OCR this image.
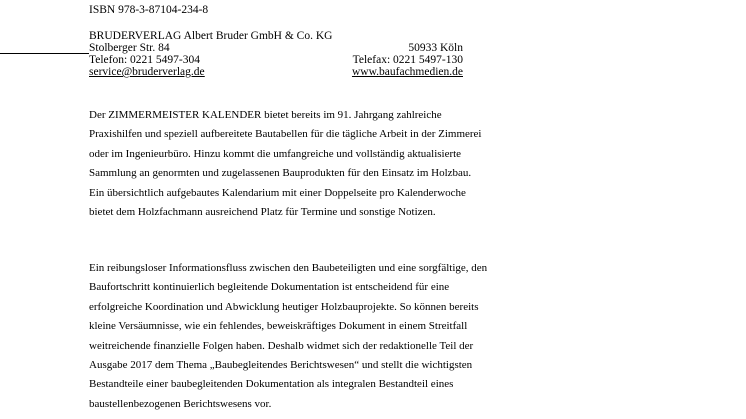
ISBN 978-3-87104-234-8
BRUDERVERLAG Albert Bruder GmbH & Co. KG
Stolberger Str. 84	50933 Köln
Telefon: 0221 5497-304	Telefax: 0221 5497-130
service@bruderverlag.de	www.baufachmedien.de
Der ZIMMERMEISTER KALENDER bietet bereits im 91. Jahrgang zahlreiche
Praxishilfen und speziell aufbereitete Bautabellen für die tägliche Arbeit in der Zimmerei
oder im Ingenieurbüro. Hinzu kommt die umfangreiche und vollständig aktualisierte
Sammlung an genormten und zugelassenen Bauprodukten für den Einsatz im Holzbau.
Ein übersichtlich aufgebautes Kalendarium mit einer Doppelseite pro Kalenderwoche
bietet dem Holzfachmann ausreichend Platz für Termine und sonstige Notizen.
Ein reibungsloser Informationsfluss zwischen den Baubeteiligten und eine sorgfältige, den
Baufortschritt kontinuierlich begleitende Dokumentation ist entscheidend für eine
erfolgreiche Koordination und Abwicklung heutiger Holzbauprojekte. So können bereits
kleine Versäumnisse, wie ein fehlendes, beweiskräftiges Dokument in einem Streitfall
weitreichende finanzielle Folgen haben. Deshalb widmet sich der redaktionelle Teil der
Ausgabe 2017 dem Thema „Baubegleitendes Berichtswesen“ und stellt die wichtigsten
Bestandteile einer baubegleitenden Dokumentation als integralen Bestandteil eines
baustellenbezogenen Berichtswesens vor.
